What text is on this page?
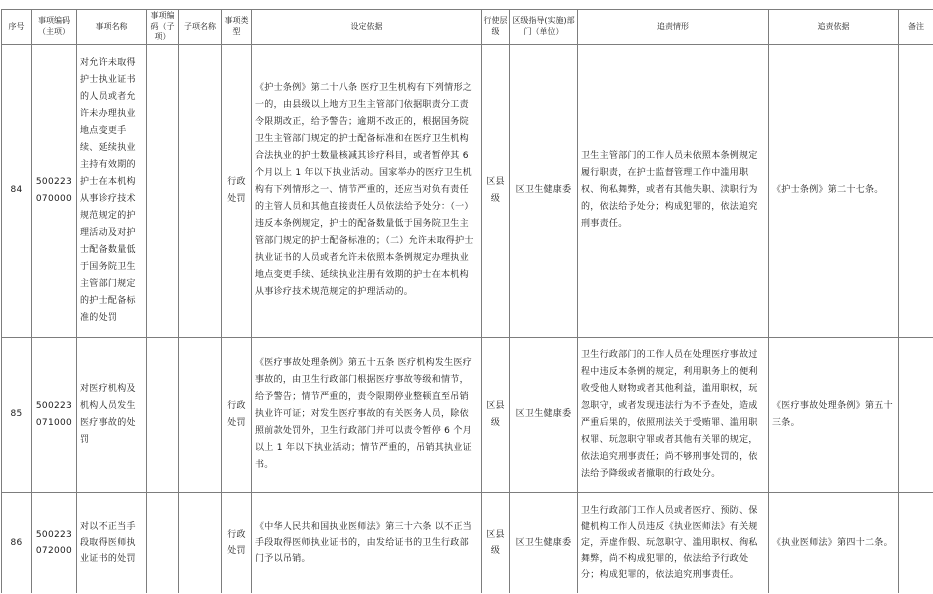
序号	事项编码（主项）	事项名称	事项编码（子项）	子项名称	事项类型	设定依据	行使层级	区级指导(实施)部门（单位）	追责情形	追责依据	备注
84	500223 070000	对允许未取得护士执业证书的人员或者允许未办理执业地点变更手续、延续执业主持有效期的护士在本机构从事诊疗技术规范规定的护理活动及对护士配备数量低于国务院卫生主管部门规定的护士配备标准的处罚			行政处罚	《护士条例》第二十八条 医疗卫生机构有下列情形之一的，由县级以上地方卫生主管部门依据职责分工责令限期改正，给予警告；逾期不改正的，根据国务院卫生主管部门规定的护士配备标准和在医疗卫生机构合法执业的护士数量核减其诊疗科目，或者暂停其 6 个月以上 1 年以下执业活动。国家举办的医疗卫生机构有下列情形之一、情节严重的，还应当对负有责任的主管人员和其他直接责任人员依法给予处分：（一）违反本条例规定，护士的配备数量低于国务院卫生主管部门规定的护士配备标准的；（二）允许未取得护士执业证书的人员或者允许未依照本条例规定办理执业地点变更手续、延续执业注册有效期的护士在本机构从事诊疗技术规范规定的护理活动的。	区县级	区卫生健康委	卫生主管部门的工作人员未依照本条例规定履行职责，在护士监督管理工作中滥用职权、徇私舞弊，或者有其他失职、渎职行为的，依法给予处分；构成犯罪的，依法追究刑事责任。	《护士条例》第二十七条。	
85	500223 071000	对医疗机构及机构人员发生医疗事故的处罚			行政处罚	《医疗事故处理条例》第五十五条 医疗机构发生医疗事故的，由卫生行政部门根据医疗事故等级和情节，给予警告；情节严重的，责令限期停业整顿直至吊销执业许可证；对发生医疗事故的有关医务人员，除依照前款处罚外，卫生行政部门并可以责令暂停 6 个月以上 1 年以下执业活动；情节严重的，吊销其执业证书。	区县级	区卫生健康委	卫生行政部门的工作人员在处理医疗事故过程中违反本条例的规定，利用职务上的便利收受他人财物或者其他利益，滥用职权，玩忽职守，或者发现违法行为不予查处，造成严重后果的，依照刑法关于受贿罪、滥用职权罪、玩忽职守罪或者其他有关罪的规定，依法追究刑事责任；尚不够刑事处罚的，依法给予降级或者撤职的行政处分。	《医疗事故处理条例》第五十三条。	
86	500223 072000	对以不正当手段取得医师执业证书的处罚			行政处罚	《中华人民共和国执业医师法》第三十六条 以不正当手段取得医师执业证书的，由发给证书的卫生行政部门予以吊销。	区县级	区卫生健康委	卫生行政部门工作人员或者医疗、预防、保健机构工作人员违反《执业医师法》有关规定，弄虚作假、玩忽职守、滥用职权、徇私舞弊，尚不构成犯罪的，依法给予行政处分；构成犯罪的，依法追究刑事责任。	《执业医师法》第四十二条。	
